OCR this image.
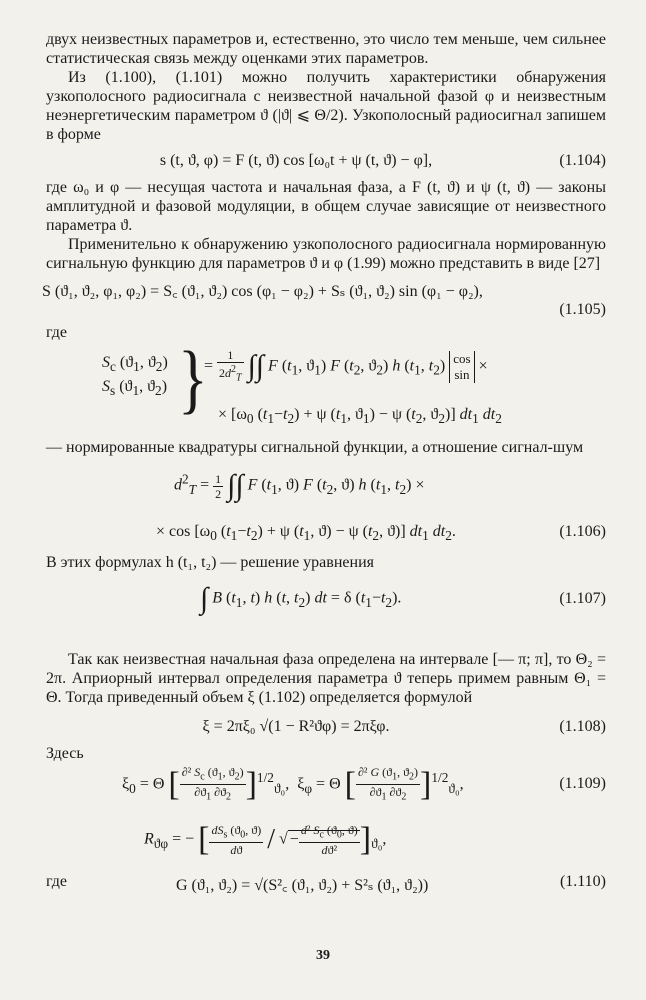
двух неизвестных параметров и, естественно, это число тем меньше, чем сильнее статистическая связь между оценками этих параметров.

Из (1.100), (1.101) можно получить характеристики обнаружения узкополосного радиосигнала с неизвестной начальной фазой φ и неизвестным неэнергетическим параметром ϑ (|ϑ| ⩽ Θ/2). Узкополосный радиосигнал запишем в форме

s (t, ϑ, φ) = F (t, ϑ) cos [ω₀t + ψ (t, ϑ) − φ],	(1.104)

где ω₀ и φ — несущая частота и начальная фаза, а F (t, ϑ) и ψ (t, ϑ) — законы амплитудной и фазовой модуляции, в общем случае зависящие от неизвестного параметра ϑ.

Применительно к обнаружению узкополосного радиосигнала нормированную сигнальную функцию для параметров ϑ и φ (1.99) можно представить в виде [27]

S (ϑ₁, ϑ₂, φ₁, φ₂) = S꜀ (ϑ₁, ϑ₂) cos (φ₁ − φ₂) + Sₛ (ϑ₁, ϑ₂) sin (φ₁ − φ₂),
(1.105)

где

$S_c$ ($ϑ_1$, $ϑ_2$)
$S_s$ ($ϑ_1$, $ϑ_2$) }
= $\frac{1}{2d^2_T}$ ∫∫ F ($t_1$, $ϑ_1$) F ($t_2$, $ϑ_2$) h ($t_1$, $t_2$) cos
sin ×
× [$\omega_0$ $(t_1-t_2) + \psi$ ($t_1$, $ϑ_1) - \psi$ ($t_2$, $ϑ_2$)] $dt_1$ $dt_2$

— нормированные квадратуры сигнальной функции, а отношение сигнал-шум

$d^2_T = \frac{1}{2}$ ∫∫ F ($t_1$, ϑ) F ($t_2$, ϑ) h ($t_1$, $t_2$) ×
× $\cos [\omega_0$ $(t_1-t_2) + \psi$ ($t_1$, ϑ) − ψ ($t_2$, ϑ)] $dt_1$ $dt_2$.	(1.106)

В этих формулах h (t₁, t₂) — решение уравнения

∫ B ($t_1$, t) h (t, $t_2$) dt = δ $(t_1-t_2)$.	(1.107)

Так как неизвестная начальная фаза определена на интервале [— π; π], то Θ₂ = 2π. Априорный интервал определения параметра ϑ теперь примем равным Θ₁ = Θ. Тогда приведенный объем ξ (1.102) определяется формулой

ξ = 2πξ₀ √(1 − R²ϑφ) = 2πξφ.	(1.108)

Здесь

$\xi_0 = \Theta$ [ $\frac{\partial^2 S_c (ϑ_1, ϑ_2)}{\partial ϑ_1 \partial ϑ_2} ]^{1/2}_{ϑ_0}$,  $\xi_\varphi = \Theta$ [ $\frac{\partial^2 G (ϑ_1, ϑ_2)}{\partial ϑ_1 \partial ϑ_2} ]^{1/2}_{ϑ_0}$,	(1.109)
$R_{ϑ\varphi}$ = − [ $\frac{dS_s (ϑ_0, ϑ)}{dϑ}$ / √ − $\frac{d^2 S_c (ϑ_0, ϑ)}{\text{dϑ²}} ]_{ϑ_0}$,
где	G (ϑ₁, ϑ₂) = √(S²꜀ (ϑ₁, ϑ₂) + S²ₛ (ϑ₁, ϑ₂))	(1.110)
39
